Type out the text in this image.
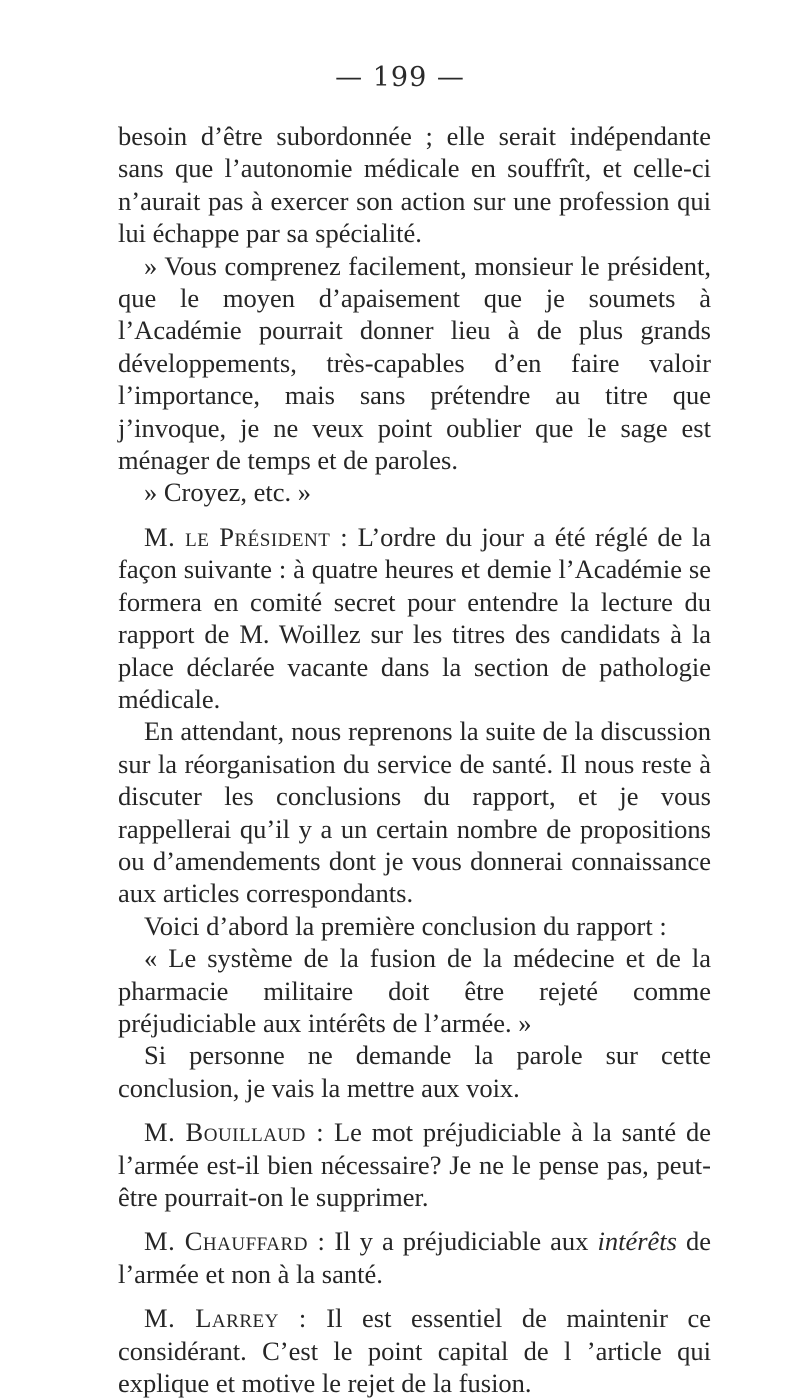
— 199 —

besoin d’être subordonnée ; elle serait indépendante sans que l’autonomie médicale en souffrît, et celle-ci n’aurait pas à exercer son action sur une profession qui lui échappe par sa spécialité.

» Vous comprenez facilement, monsieur le président, que le moyen d’apaisement que je soumets à l’Académie pourrait donner lieu à de plus grands développements, très-capables d’en faire valoir l’importance, mais sans prétendre au titre que j’invoque, je ne veux point oublier que le sage est ménager de temps et de paroles.

» Croyez, etc. »

M. le Président : L’ordre du jour a été réglé de la façon suivante : à quatre heures et demie l’Académie se formera en comité secret pour entendre la lecture du rapport de M. Woillez sur les titres des candidats à la place déclarée vacante dans la section de pathologie médicale.

En attendant, nous reprenons la suite de la discussion sur la réorganisation du service de santé. Il nous reste à discuter les conclusions du rapport, et je vous rappellerai qu’il y a un certain nombre de propositions ou d’amendements dont je vous donnerai connaissance aux articles correspondants.

Voici d’abord la première conclusion du rapport :

« Le système de la fusion de la médecine et de la pharmacie militaire doit être rejeté comme préjudiciable aux intérêts de l’armée. »

Si personne ne demande la parole sur cette conclusion, je vais la mettre aux voix.

M. Bouillaud : Le mot préjudiciable à la santé de l’armée est-il bien nécessaire? Je ne le pense pas, peut-être pourrait-on le supprimer.

M. Chauffard : Il y a préjudiciable aux intérêts de l’armée et non à la santé.

M. Larrey : Il est essentiel de maintenir ce considérant. C’est le point capital de l ’article qui explique et motive le rejet de la fusion.
